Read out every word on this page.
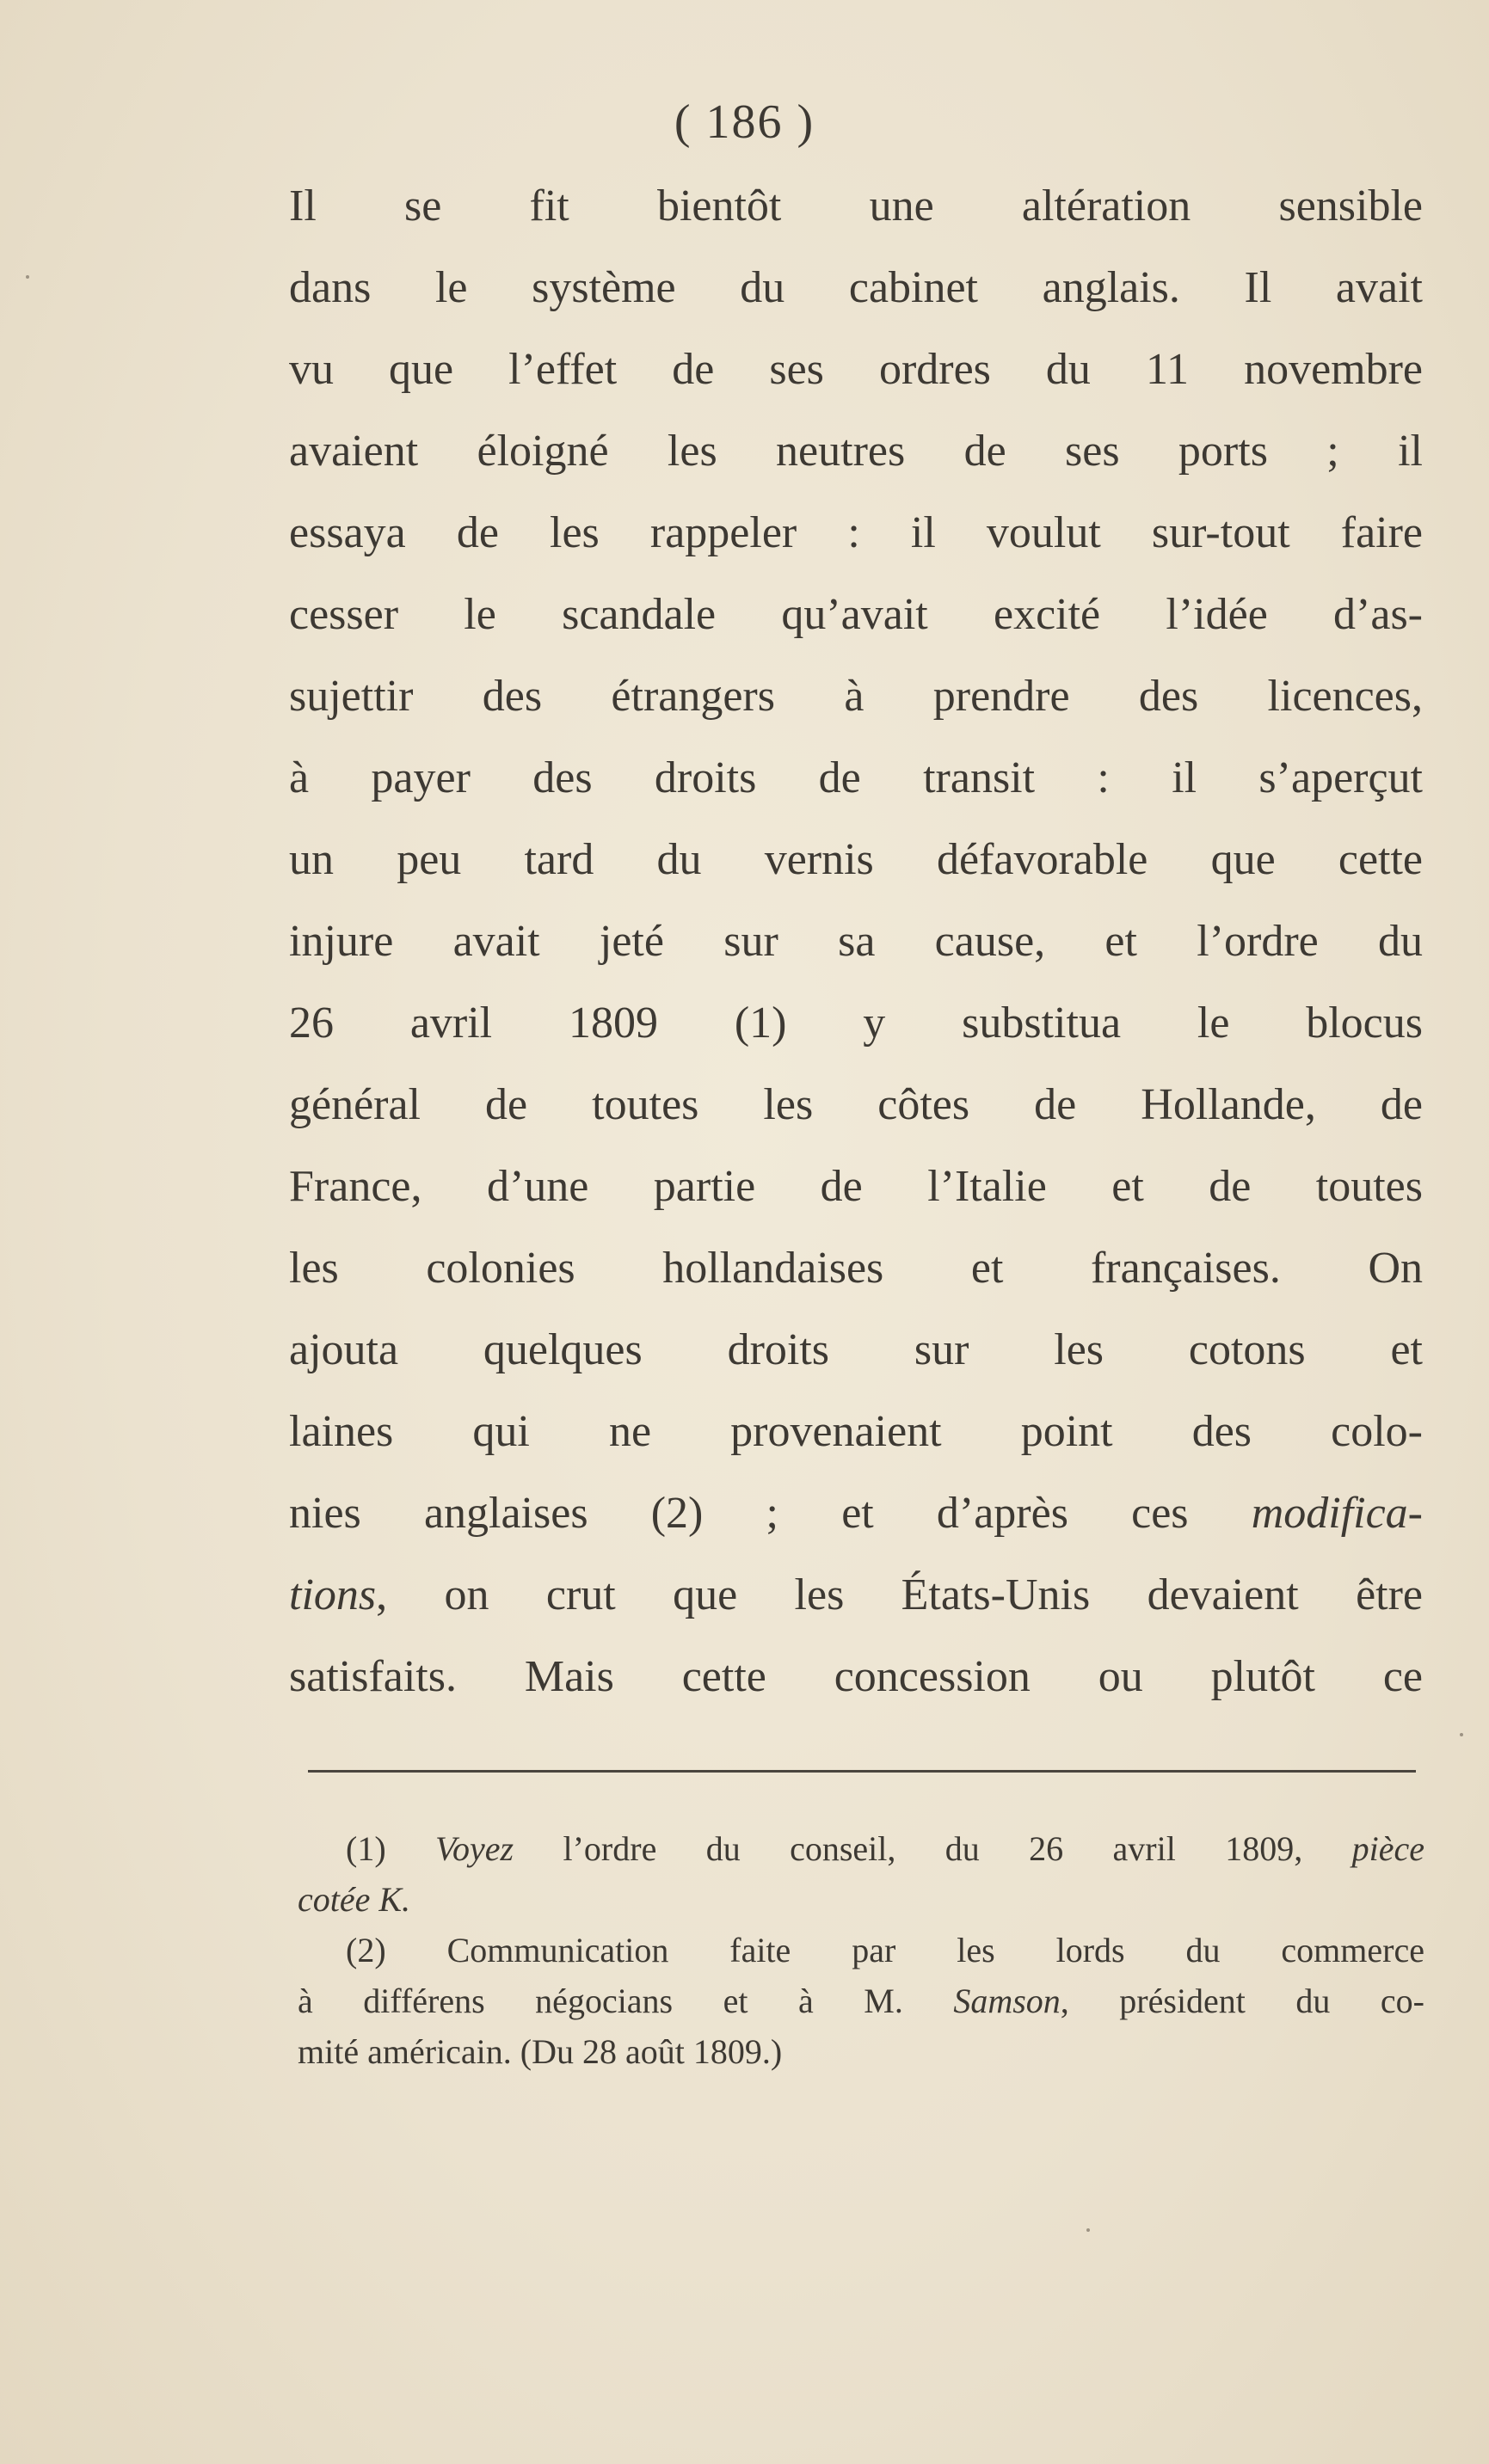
( 186 )
Il se fit bientôt une altération sensible
dans le système du cabinet anglais. Il avait
vu que l’effet de ses ordres du 11 novembre
avaient éloigné les neutres de ses ports ; il
essaya de les rappeler : il voulut sur-tout faire
cesser le scandale qu’avait excité l’idée d’as-
sujettir des étrangers à prendre des licences,
à payer des droits de transit : il s’aperçut
un peu tard du vernis défavorable que cette
injure avait jeté sur sa cause, et l’ordre du
26 avril 1809 (1) y substitua le blocus
général de toutes les côtes de Hollande, de
France, d’une partie de l’Italie et de toutes
les colonies hollandaises et françaises. On
ajouta quelques droits sur les cotons et
laines qui ne provenaient point des colo-
nies anglaises (2) ; et d’après ces modifica-
tions, on crut que les États-Unis devaient être
satisfaits. Mais cette concession ou plutôt ce
(1) Voyez l’ordre du conseil, du 26 avril 1809, pièce
cotée K.
(2) Communication faite par les lords du commerce
à différens négocians et à M. Samson, président du co-
mité américain. (Du 28 août 1809.)
